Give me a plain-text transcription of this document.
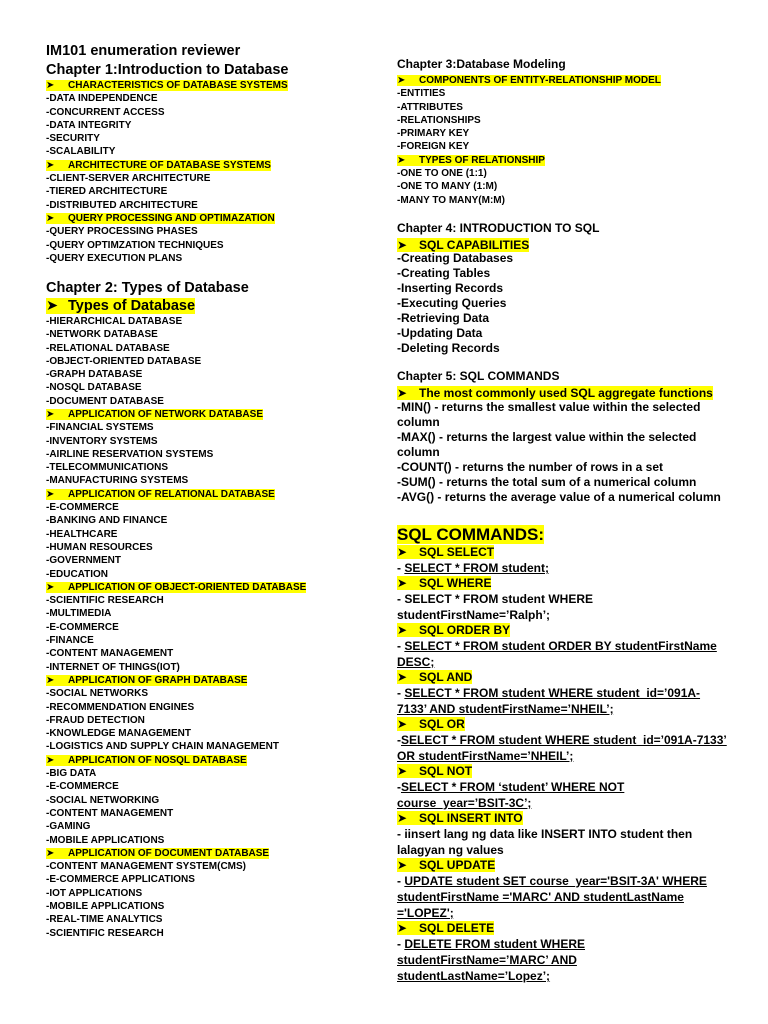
IM101 enumeration reviewer
Chapter 1:Introduction to Database
➤ CHARACTERISTICS OF DATABASE SYSTEMS
-DATA INDEPENDENCE
-CONCURRENT ACCESS
-DATA INTEGRITY
-SECURITY
-SCALABILITY
➤ ARCHITECTURE OF DATABASE SYSTEMS
-CLIENT-SERVER ARCHITECTURE
-TIERED ARCHITECTURE
-DISTRIBUTED ARCHITECTURE
➤ QUERY PROCESSING AND OPTIMAZATION
-QUERY PROCESSING PHASES
-QUERY OPTIMZATION TECHNIQUES
-QUERY EXECUTION PLANS
Chapter 2: Types of Database
➤ Types of Database
-HIERARCHICAL DATABASE
-NETWORK DATABASE
-RELATIONAL DATABASE
-OBJECT-ORIENTED DATABASE
-GRAPH DATABASE
-NOSQL DATABASE
-DOCUMENT DATABASE
➤ APPLICATION OF NETWORK DATABASE
-FINANCIAL SYSTEMS
-INVENTORY SYSTEMS
-AIRLINE RESERVATION SYSTEMS
-TELECOMMUNICATIONS
-MANUFACTURING SYSTEMS
➤ APPLICATION OF RELATIONAL DATABASE
-E-COMMERCE
-BANKING AND FINANCE
-HEALTHCARE
-HUMAN RESOURCES
-GOVERNMENT
-EDUCATION
➤ APPLICATION OF OBJECT-ORIENTED DATABASE
-SCIENTIFIC RESEARCH
-MULTIMEDIA
-E-COMMERCE
-FINANCE
-CONTENT MANAGEMENT
-INTERNET OF THINGS(IOT)
➤ APPLICATION OF GRAPH DATABASE
-SOCIAL NETWORKS
-RECOMMENDATION ENGINES
-FRAUD DETECTION
-KNOWLEDGE MANAGEMENT
-LOGISTICS AND SUPPLY CHAIN MANAGEMENT
➤ APPLICATION OF NOSQL DATABASE
-BIG DATA
-E-COMMERCE
-SOCIAL NETWORKING
-CONTENT MANAGEMENT
-GAMING
-MOBILE APPLICATIONS
➤ APPLICATION OF DOCUMENT DATABASE
-CONTENT MANAGEMENT SYSTEM(CMS)
-E-COMMERCE APPLICATIONS
-IOT APPLICATIONS
-MOBILE APPLICATIONS
-REAL-TIME ANALYTICS
-SCIENTIFIC RESEARCH
Chapter 3:Database Modeling
➤ COMPONENTS OF ENTITY-RELATIONSHIP MODEL
-ENTITIES
-ATTRIBUTES
-RELATIONSHIPS
-PRIMARY KEY
-FOREIGN KEY
➤ TYPES OF RELATIONSHIP
-ONE TO ONE (1:1)
-ONE TO MANY (1:M)
-MANY TO MANY(M:M)
Chapter 4: INTRODUCTION TO SQL
➤ SQL CAPABILITIES
-Creating Databases
-Creating Tables
-Inserting Records
-Executing Queries
-Retrieving Data
-Updating Data
-Deleting Records
Chapter 5: SQL COMMANDS
➤ The most commonly used SQL aggregate functions
-MIN() - returns the smallest value within the selected column
-MAX() - returns the largest value within the selected column
-COUNT() - returns the number of rows in a set
-SUM() - returns the total sum of a numerical column
-AVG() - returns the average value of a numerical column
SQL COMMANDS:
➤ SQL SELECT
- SELECT * FROM student;
➤ SQL WHERE
- SELECT * FROM student WHERE studentFirstName=’Ralph’;
➤ SQL ORDER BY
- SELECT * FROM student ORDER BY studentFirstName DESC;
➤ SQL AND
- SELECT * FROM student WHERE student_id=’091A-7133’ AND studentFirstName=’NHEIL’;
➤ SQL OR
-SELECT * FROM student WHERE student_id=’091A-7133’ OR studentFirstName=’NHEIL’;
➤ SQL NOT
-SELECT * FROM ‘student’ WHERE NOT course_year=’BSIT-3C’;
➤ SQL INSERT INTO
- iinsert lang ng data like INSERT INTO student then lalagyan ng values
➤ SQL UPDATE
- UPDATE student SET course_year='BSIT-3A' WHERE studentFirstName ='MARC' AND studentLastName ='LOPEZ';
➤ SQL DELETE
- DELETE FROM student WHERE studentFirstName=’MARC’ AND studentLastName=’Lopez’;
